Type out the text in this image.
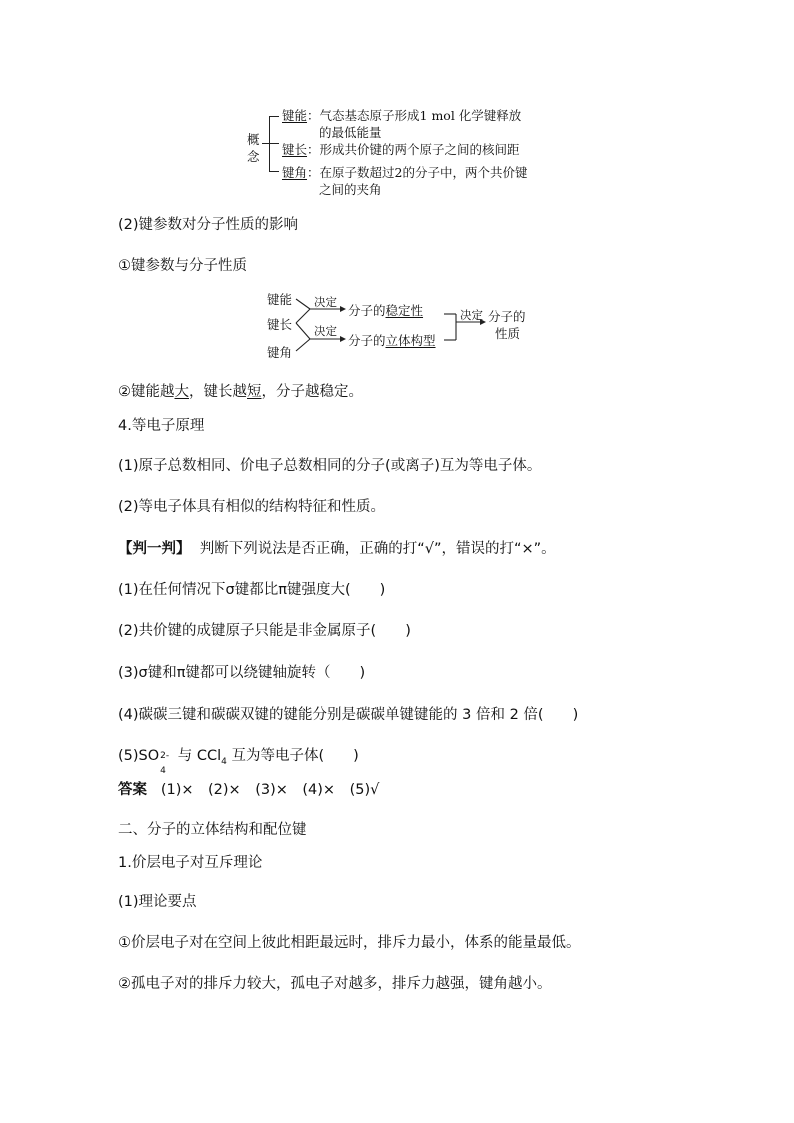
概
念
键能：气态基态原子形成1 mol 化学键释放
的最低能量
键长：形成共价键的两个原子之间的核间距
键角：在原子数超过2的分子中，两个共价键
之间的夹角
(2)键参数对分子性质的影响
①键参数与分子性质
键能
键长
键角
决定
决定
分子的稳定性
分子的立体构型
决定 分子的
性质
②键能越大，键长越短，分子越稳定。
4.等电子原理
(1)原子总数相同、价电子总数相同的分子(或离子)互为等电子体。
(2)等电子体具有相似的结构特征和性质。
【判一判】 判断下列说法是否正确，正确的打“√”，错误的打“×”。
(1)在任何情况下σ键都比π键强度大(　　)
(2)共价键的成键原子只能是非金属原子(　　)
(3)σ键和π键都可以绕键轴旋转（　　)
(4)碳碳三键和碳碳双键的键能分别是碳碳单键键能的 3 倍和 2 倍(　　)
(5)SO 2-
4
与 CCl$_4$ 互为等电子体(　　)
答案 (1)×　(2)×　(3)×　(4)×　(5)√
二、分子的立体结构和配位键
1.价层电子对互斥理论
(1)理论要点
①价层电子对在空间上彼此相距最远时，排斥力最小，体系的能量最低。
②孤电子对的排斥力较大，孤电子对越多，排斥力越强，键角越小。
